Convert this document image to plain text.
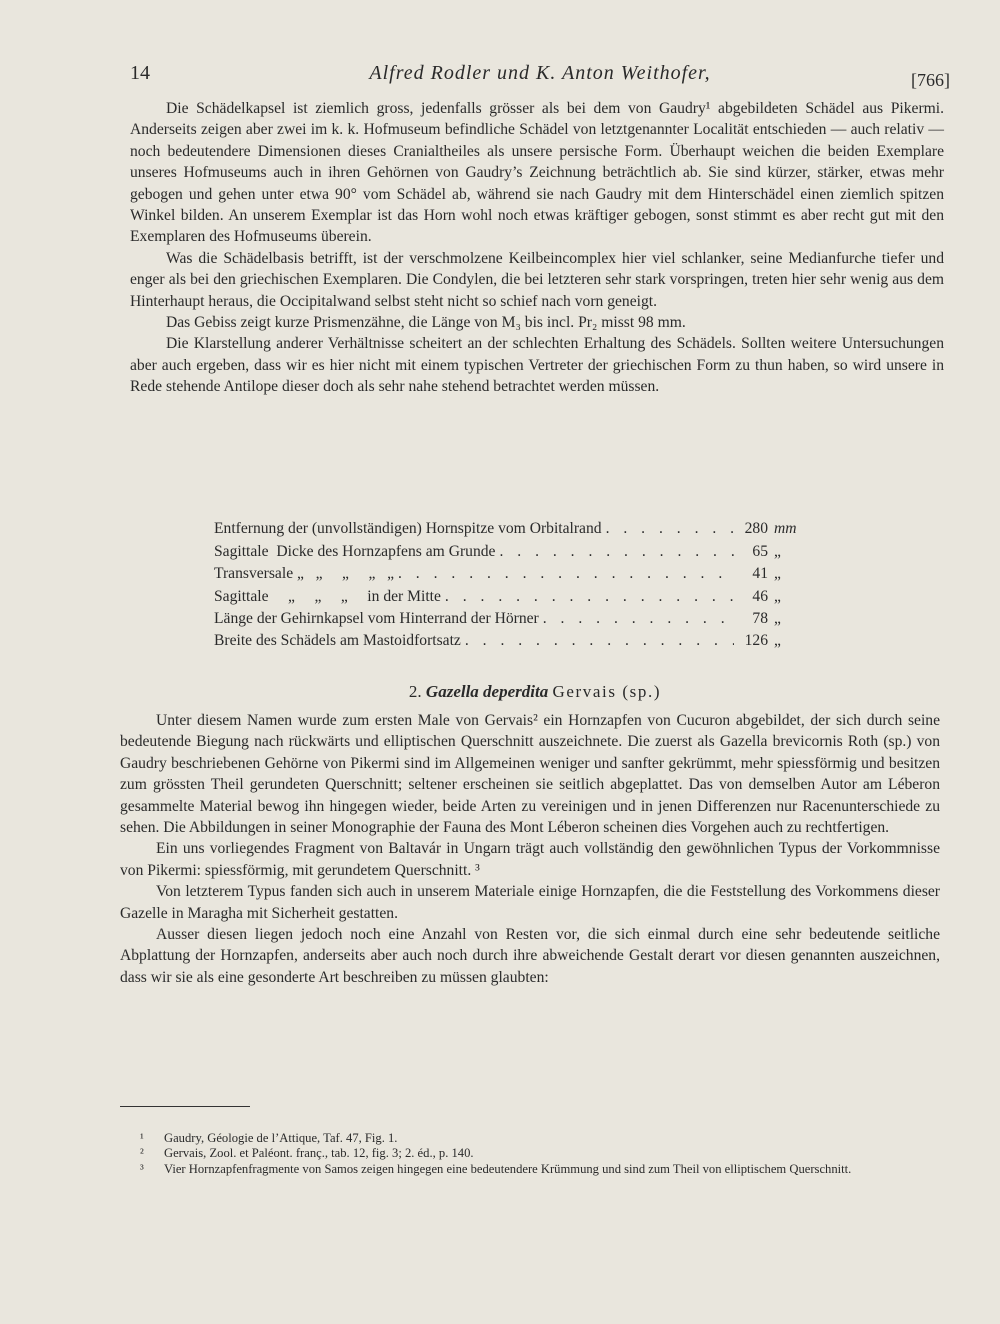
14	Alfred Rodler und K. Anton Weithofer,	[766]

Die Schädelkapsel ist ziemlich gross, jedenfalls grösser als bei dem von Gaudry¹ abgebildeten Schädel aus Pikermi. Anderseits zeigen aber zwei im k. k. Hofmuseum befindliche Schädel von letztgenannter Localität entschieden — auch relativ — noch bedeutendere Dimensionen dieses Cranialtheiles als unsere persische Form. Überhaupt weichen die beiden Exemplare unseres Hofmuseums auch in ihren Gehörnen von Gaudry’s Zeichnung beträchtlich ab. Sie sind kürzer, stärker, etwas mehr gebogen und gehen unter etwa 90° vom Schädel ab, während sie nach Gaudry mit dem Hinterschädel einen ziemlich spitzen Winkel bilden. An unserem Exemplar ist das Horn wohl noch etwas kräftiger gebogen, sonst stimmt es aber recht gut mit den Exemplaren des Hofmuseums überein.

Was die Schädelbasis betrifft, ist der verschmolzene Keilbeincomplex hier viel schlanker, seine Medianfurche tiefer und enger als bei den griechischen Exemplaren. Die Condylen, die bei letzteren sehr stark vorspringen, treten hier sehr wenig aus dem Hinterhaupt heraus, die Occipitalwand selbst steht nicht so schief nach vorn geneigt.

Das Gebiss zeigt kurze Prismenzähne, die Länge von M₃ bis incl. Pr₂ misst 98 mm.

Die Klarstellung anderer Verhältnisse scheitert an der schlechten Erhaltung des Schädels. Sollten weitere Untersuchungen aber auch ergeben, dass wir es hier nicht mit einem typischen Vertreter der griechischen Form zu thun haben, so wird unsere in Rede stehende Antilope dieser doch als sehr nahe stehend betrachtet werden müssen.

Entfernung der (unvollständigen) Hornspitze vom Orbitalrand . . .	280 mm
Sagittale  Dicke des Hornzapfens am Grunde . . .	65 „
Transversale „   „     „     „   „ . . .	41 „
Sagittale     „     „     „     in der Mitte . . .	46 „
Länge der Gehirnkapsel vom Hinterrand der Hörner . . .	78 „
Breite des Schädels am Mastoidfortsatz . . .	126 „
2. Gazella deperdita Gervais (sp.)

Unter diesem Namen wurde zum ersten Male von Gervais² ein Hornzapfen von Cucuron abgebildet, der sich durch seine bedeutende Biegung nach rückwärts und elliptischen Querschnitt auszeichnete. Die zuerst als Gazella brevicornis Roth (sp.) von Gaudry beschriebenen Gehörne von Pikermi sind im Allgemeinen weniger und sanfter gekrümmt, mehr spiessförmig und besitzen zum grössten Theil gerundeten Querschnitt; seltener erscheinen sie seitlich abgeplattet. Das von demselben Autor am Léberon gesammelte Material bewog ihn hingegen wieder, beide Arten zu vereinigen und in jenen Differenzen nur Racenunterschiede zu sehen. Die Abbildungen in seiner Monographie der Fauna des Mont Léberon scheinen dies Vorgehen auch zu rechtfertigen.

Ein uns vorliegendes Fragment von Baltavár in Ungarn trägt auch vollständig den gewöhnlichen Typus der Vorkommnisse von Pikermi: spiessförmig, mit gerundetem Querschnitt. ³

Von letzterem Typus fanden sich auch in unserem Materiale einige Hornzapfen, die die Feststellung des Vorkommens dieser Gazelle in Maragha mit Sicherheit gestatten.

Ausser diesen liegen jedoch noch eine Anzahl von Resten vor, die sich einmal durch eine sehr bedeutende seitliche Abplattung der Hornzapfen, anderseits aber auch noch durch ihre abweichende Gestalt derart vor diesen genannten auszeichnen, dass wir sie als eine gesonderte Art beschreiben zu müssen glaubten:

¹	Gaudry, Géologie de l’Attique, Taf. 47, Fig. 1.
²	Gervais, Zool. et Paléont. franç., tab. 12, fig. 3; 2. éd., p. 140.
³	Vier Hornzapfenfragmente von Samos zeigen hingegen eine bedeutendere Krümmung und sind zum Theil von elliptischem Querschnitt.
